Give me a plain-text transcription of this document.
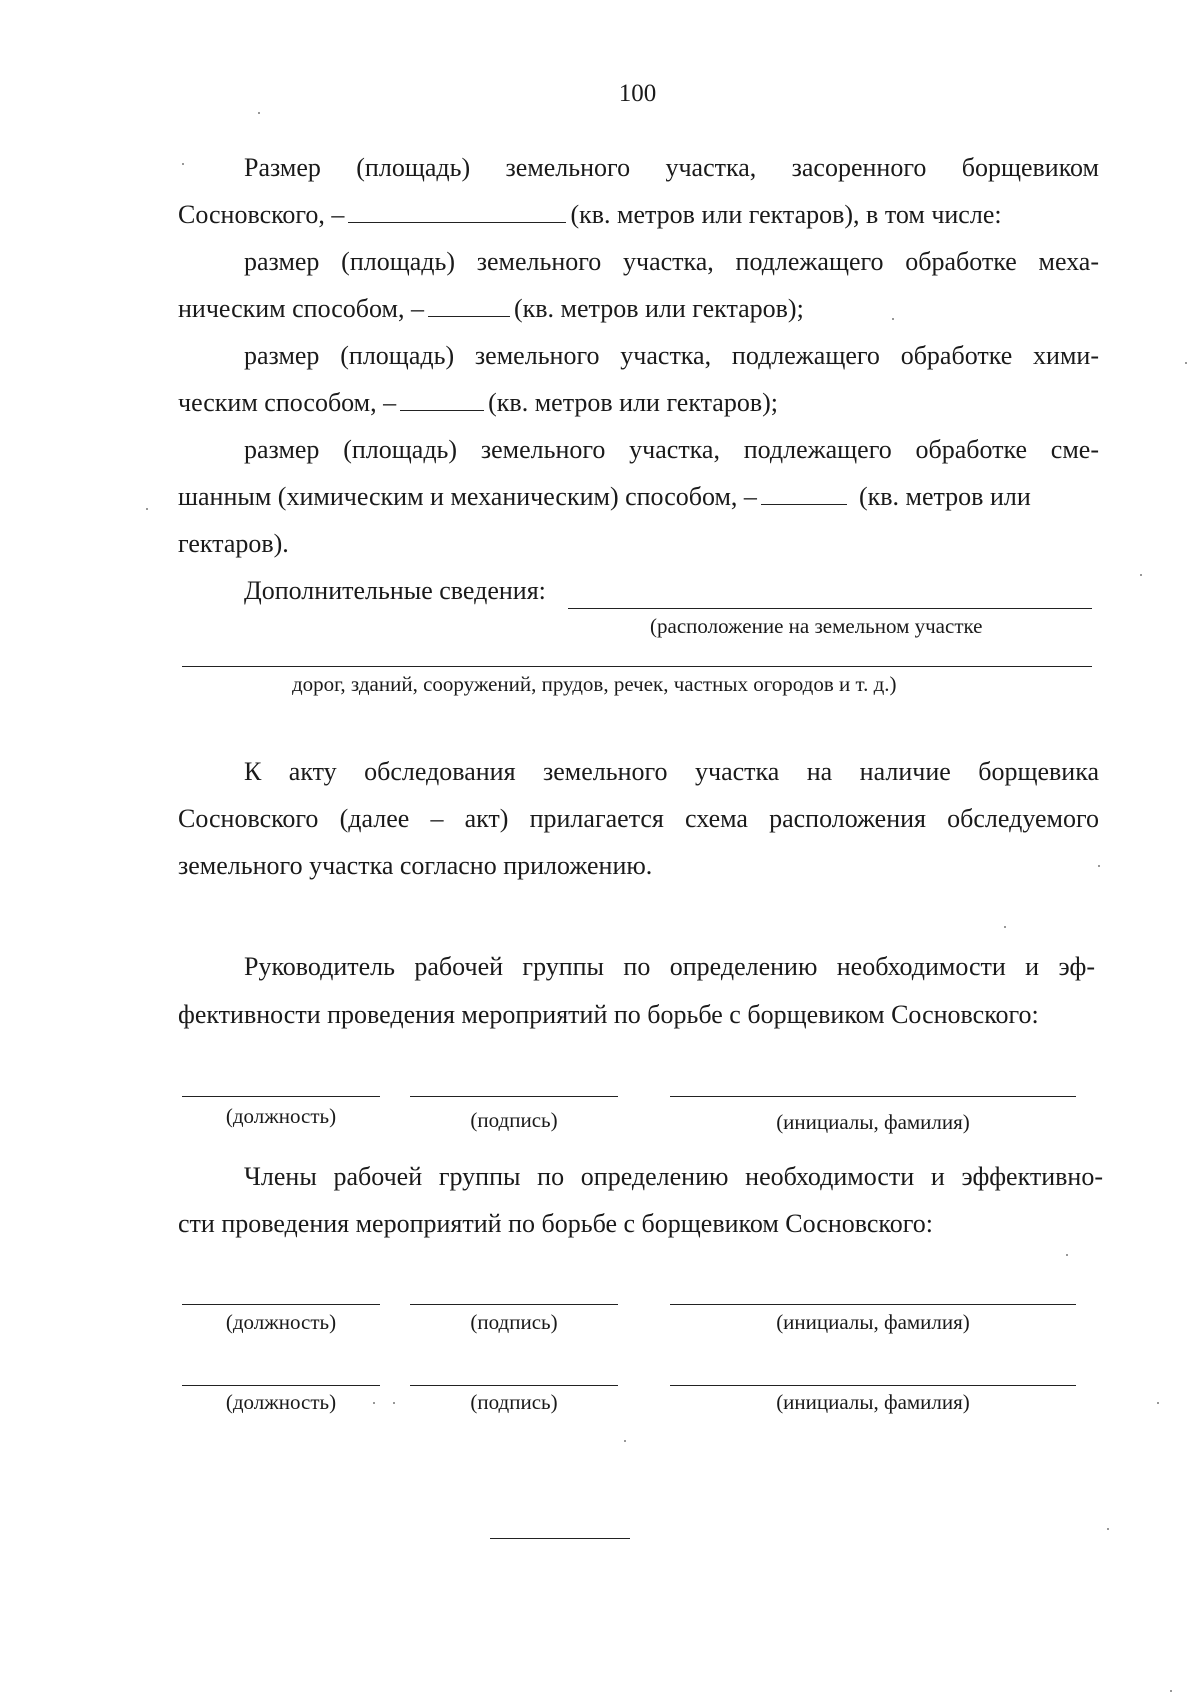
100
Размер (площадь) земельного участка, засоренного борщевиком
Сосновского, –	(кв. метров или гектаров), в том числе:
размер (площадь) земельного участка, подлежащего обработке меха-
ническим способом, –	(кв. метров или гектаров);
размер (площадь) земельного участка, подлежащего обработке хими-
ческим способом, –	(кв. метров или гектаров);
размер (площадь) земельного участка, подлежащего обработке сме-
шанным (химическим и механическим) способом, –	(кв. метров или
гектаров).
Дополнительные сведения:
(расположение на земельном участке
дорог, зданий, сооружений, прудов, речек, частных огородов и т. д.)
К акту обследования земельного участка на наличие борщевика
Сосновского (далее – акт) прилагается схема расположения обследуемого
земельного участка согласно приложению.
Руководитель рабочей группы по определению необходимости и эф-
фективности проведения мероприятий по борьбе с борщевиком Сосновского:
(должность)	(подпись)	(инициалы, фамилия)
Члены рабочей группы по определению необходимости и эффективно-
сти проведения мероприятий по борьбе с борщевиком Сосновского:
(должность)	(подпись)	(инициалы, фамилия)
(должность)	(подпись)	(инициалы, фамилия)
